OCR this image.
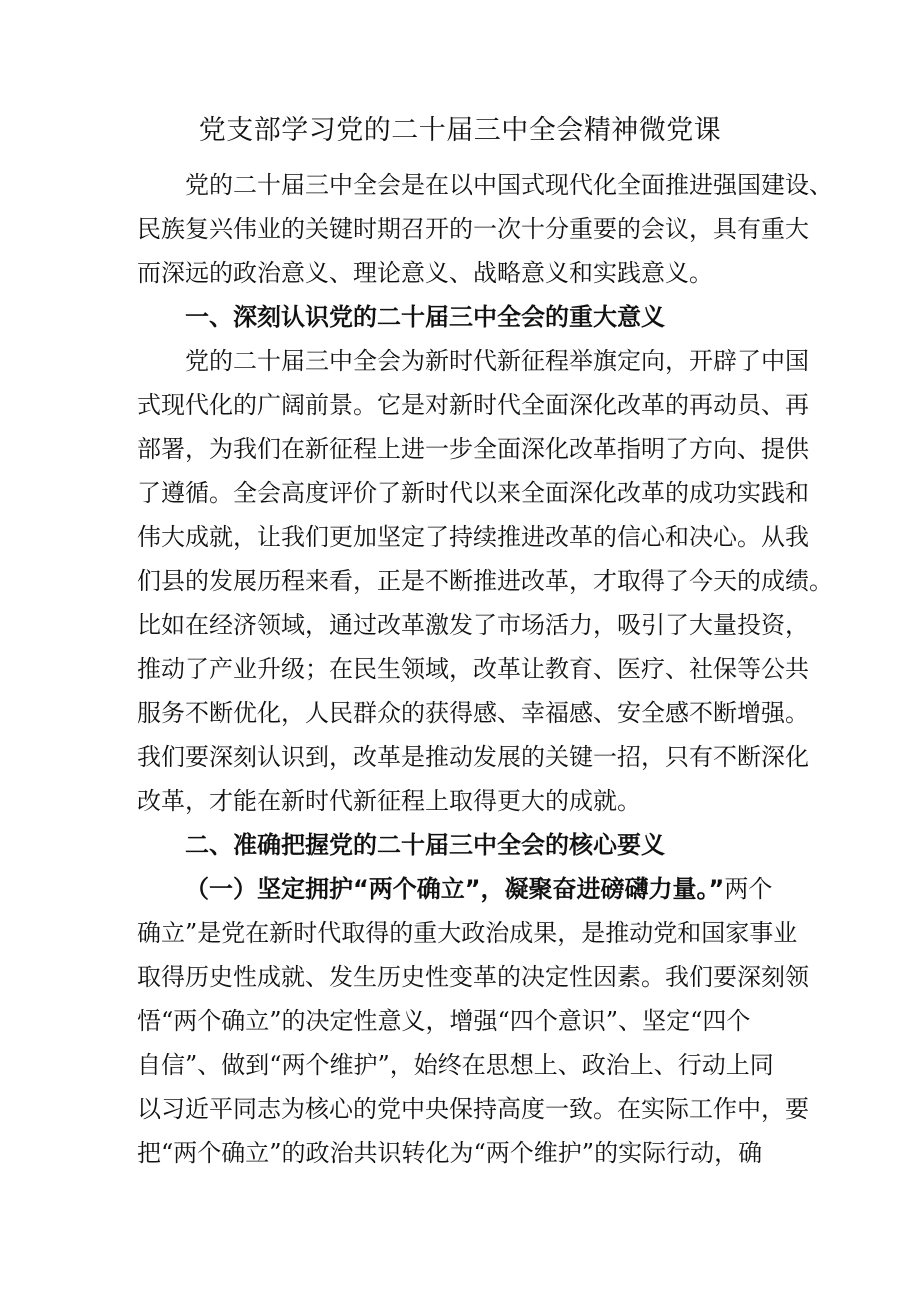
党支部学习党的二十届三中全会精神微党课
党的二十届三中全会是在以中国式现代化全面推进强国建设、
民族复兴伟业的关键时期召开的一次十分重要的会议，具有重大
而深远的政治意义、理论意义、战略意义和实践意义。
一、深刻认识党的二十届三中全会的重大意义
党的二十届三中全会为新时代新征程举旗定向，开辟了中国
式现代化的广阔前景。它是对新时代全面深化改革的再动员、再
部署，为我们在新征程上进一步全面深化改革指明了方向、提供
了遵循。全会高度评价了新时代以来全面深化改革的成功实践和
伟大成就，让我们更加坚定了持续推进改革的信心和决心。从我
们县的发展历程来看，正是不断推进改革，才取得了今天的成绩。
比如在经济领域，通过改革激发了市场活力，吸引了大量投资，
推动了产业升级；在民生领域，改革让教育、医疗、社保等公共
服务不断优化，人民群众的获得感、幸福感、安全感不断增强。
我们要深刻认识到，改革是推动发展的关键一招，只有不断深化
改革，才能在新时代新征程上取得更大的成就。
二、准确把握党的二十届三中全会的核心要义
（一）坚定拥护“两个确立”，凝聚奋进磅礴力量。”两个
确立”是党在新时代取得的重大政治成果，是推动党和国家事业
取得历史性成就、发生历史性变革的决定性因素。我们要深刻领
悟“两个确立”的决定性意义，增强“四个意识”、坚定“四个
自信”、做到“两个维护”，始终在思想上、政治上、行动上同
以习近平同志为核心的党中央保持高度一致。在实际工作中，要
把“两个确立”的政治共识转化为“两个维护”的实际行动，确
